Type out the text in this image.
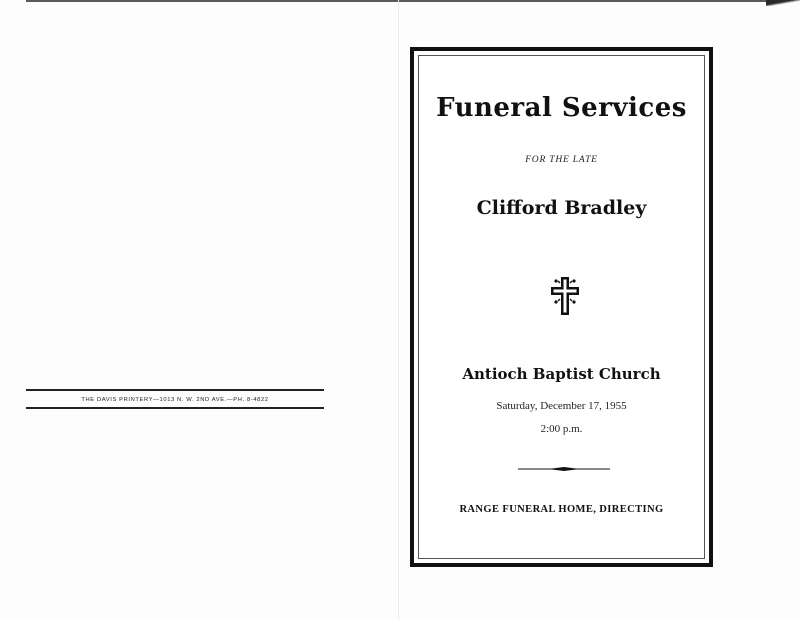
THE DAVIS PRINTERY—1013 N. W. 2ND AVE.—PH. 8-4822
Funeral Services
FOR THE LATE
Clifford Bradley
Antioch Baptist Church
Saturday, December 17, 1955
2:00 p.m.
RANGE FUNERAL HOME, DIRECTING
